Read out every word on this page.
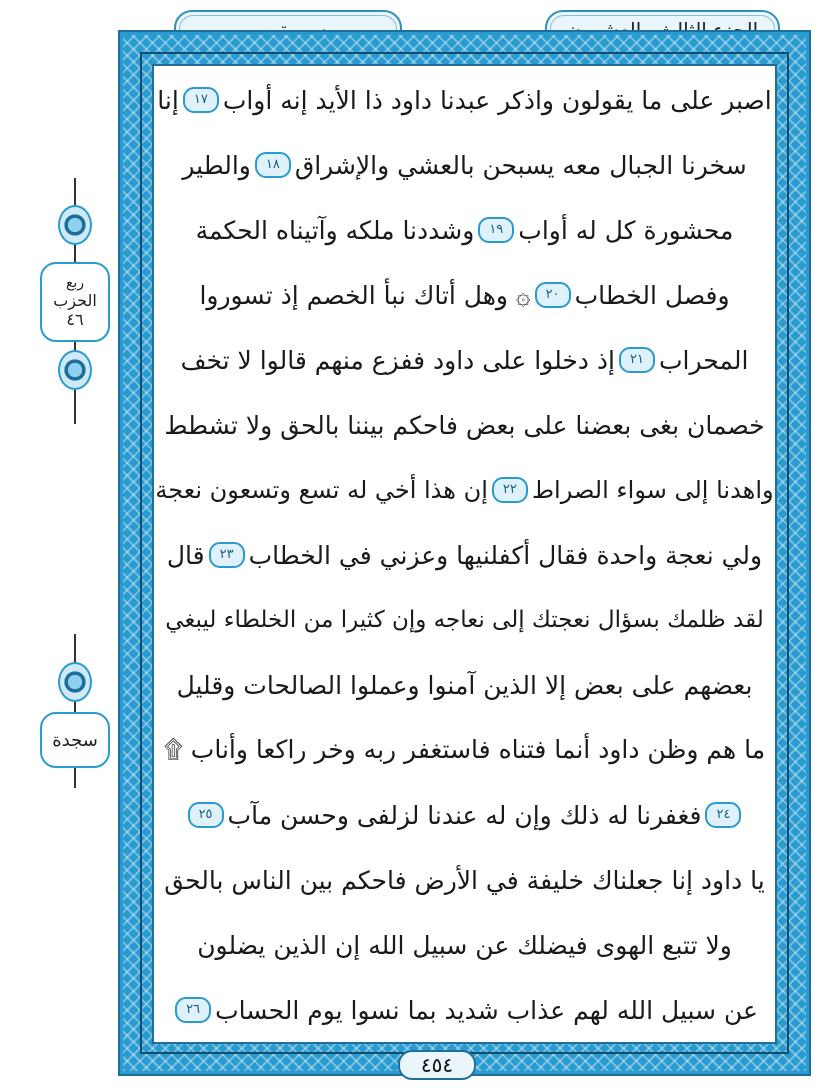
اصبر على ما يقولون واذكر عبدنا داود ذا الأيد إنه أواب
١٧
إنا
سخرنا الجبال معه يسبحن بالعشي والإشراق
١٨
والطير
محشورة كل له أواب
١٩
وشددنا ملكه وآتيناه الحكمة
وفصل الخطاب
٢٠
۞ وهل أتاك نبأ الخصم إذ تسوروا
المحراب
٢١
إذ دخلوا على داود ففزع منهم قالوا لا تخف
خصمان بغى بعضنا على بعض فاحكم بيننا بالحق ولا تشطط
واهدنا إلى سواء الصراط
٢٢
إن هذا أخي له تسع وتسعون نعجة
ولي نعجة واحدة فقال أكفلنيها وعزني في الخطاب
٢٣
قال
لقد ظلمك بسؤال نعجتك إلى نعاجه وإن كثيرا من الخلطاء ليبغي
بعضهم على بعض إلا الذين آمنوا وعملوا الصالحات وقليل
ما هم وظن داود أنما فتناه فاستغفر ربه وخر راكعا وأناب ۩
٢٤
فغفرنا له ذلك وإن له عندنا لزلفى وحسن مآب
٢٥
يا داود إنا جعلناك خليفة في الأرض فاحكم بين الناس بالحق
ولا تتبع الهوى فيضلك عن سبيل الله إن الذين يضلون
عن سبيل الله لهم عذاب شديد بما نسوا يوم الحساب
٢٦
٤٥٤
ربع
الحزب
٤٦
سجدة
